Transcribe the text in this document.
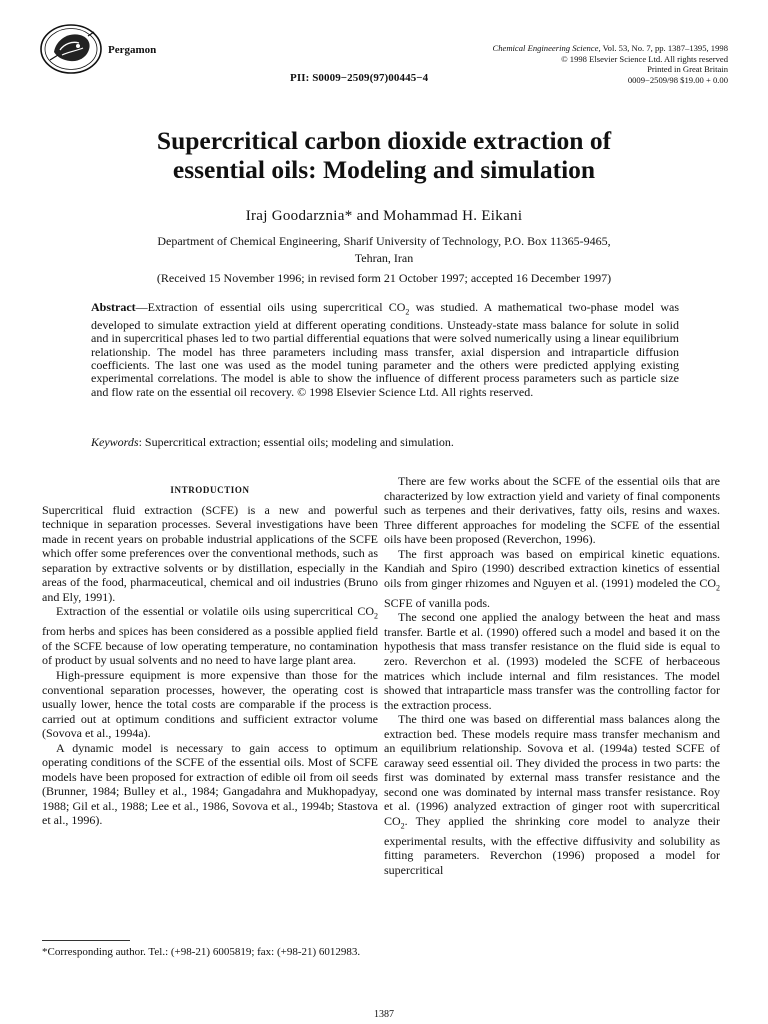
Pergamon
PII: S0009−2509(97)00445−4
Chemical Engineering Science, Vol. 53, No. 7, pp. 1387–1395, 1998
© 1998 Elsevier Science Ltd. All rights reserved
Printed in Great Britain
0009−2509/98 $19.00 + 0.00
Supercritical carbon dioxide extraction of
essential oils: Modeling and simulation
Iraj Goodarznia* and Mohammad H. Eikani
Department of Chemical Engineering, Sharif University of Technology, P.O. Box 11365-9465,
Tehran, Iran
(Received 15 November 1996; in revised form 21 October 1997; accepted 16 December 1997)
Abstract—Extraction of essential oils using supercritical $CO_2$ was studied. A mathematical two-phase model was developed to simulate extraction yield at different operating conditions. Unsteady-state mass balance for solute in solid and in supercritical phases led to two partial differential equations that were solved numerically using a linear equilibrium relationship. The model has three parameters including mass transfer, axial dispersion and intraparticle diffusion coefficients. The last one was used as the model tuning parameter and the others were predicted applying existing experimental correlations. The model is able to show the influence of different process parameters such as particle size and flow rate on the essential oil recovery. © 1998 Elsevier Science Ltd. All rights reserved.
Keywords: Supercritical extraction; essential oils; modeling and simulation.
INTRODUCTION

Supercritical fluid extraction (SCFE) is a new and powerful technique in separation processes. Several investigations have been made in recent years on probable industrial applications of the SCFE which offer some preferences over the conventional methods, such as separation by extractive solvents or by distillation, especially in the areas of the food, pharmaceutical, chemical and oil industries (Bruno and Ely, 1991).

Extraction of the essential or volatile oils using supercritical $CO_2$ from herbs and spices has been considered as a possible applied field of the SCFE because of low operating temperature, no contamination of product by usual solvents and no need to have large plant area.

High-pressure equipment is more expensive than those for the conventional separation processes, however, the operating cost is usually lower, hence the total costs are comparable if the process is carried out at optimum conditions and sufficient extractor volume (Sovova et al., 1994a).

A dynamic model is necessary to gain access to optimum operating conditions of the SCFE of the essential oils. Most of SCFE models have been proposed for extraction of edible oil from oil seeds (Brunner, 1984; Bulley et al., 1984; Gangadahra and Mukhopadyay, 1988; Gil et al., 1988; Lee et al., 1986, Sovova et al., 1994b; Stastova et al., 1996).

There are few works about the SCFE of the essential oils that are characterized by low extraction yield and variety of final components such as terpenes and their derivatives, fatty oils, resins and waxes. Three different approaches for modeling the SCFE of the essential oils have been proposed (Reverchon, 1996).

The first approach was based on empirical kinetic equations. Kandiah and Spiro (1990) described extraction kinetics of essential oils from ginger rhizomes and Nguyen et al. (1991) modeled the $CO_2$ SCFE of vanilla pods.

The second one applied the analogy between the heat and mass transfer. Bartle et al. (1990) offered such a model and based it on the hypothesis that mass transfer resistance on the fluid side is equal to zero. Reverchon et al. (1993) modeled the SCFE of herbaceous matrices which include internal and film resistances. The model showed that intraparticle mass transfer was the controlling factor for the extraction process.

The third one was based on differential mass balances along the extraction bed. These models require mass transfer mechanism and an equilibrium relationship. Sovova et al. (1994a) tested SCFE of caraway seed essential oil. They divided the process in two parts: the first was dominated by external mass transfer resistance and the second one was dominated by internal mass transfer resistance. Roy et al. (1996) analyzed extraction of ginger root with supercritical $CO_2$. They applied the shrinking core model to analyze their experimental results, with the effective diffusivity and solubility as fitting parameters. Reverchon (1996) proposed a model for supercritical

*Corresponding author. Tel.: (+98-21) 6005819; fax: (+98-21) 6012983.
1387
